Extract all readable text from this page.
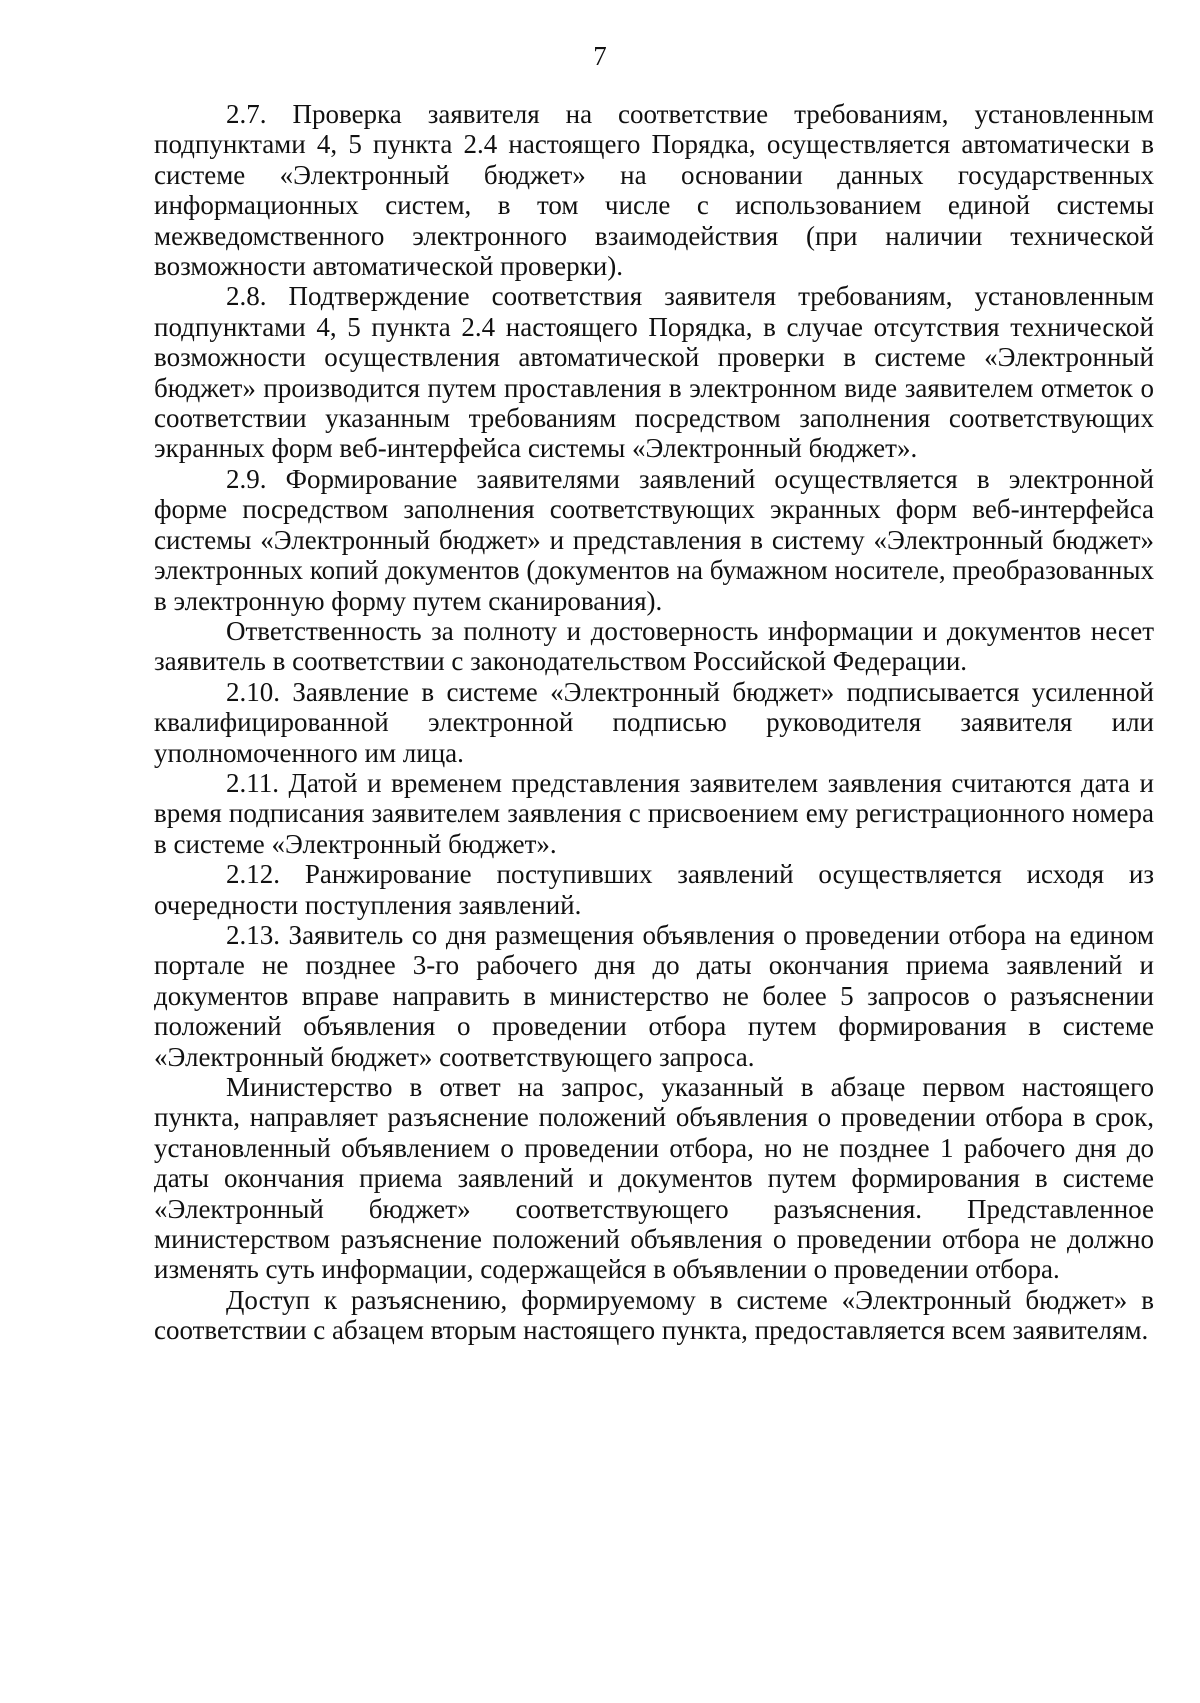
7

2.7. Проверка заявителя на соответствие требованиям, установленным подпунктами 4, 5 пункта 2.4 настоящего Порядка, осуществляется автоматически в системе «Электронный бюджет» на основании данных государственных информационных систем, в том числе с использованием единой системы межведомственного электронного взаимодействия (при наличии технической возможности автоматической проверки).

2.8. Подтверждение соответствия заявителя требованиям, установленным подпунктами 4, 5 пункта 2.4 настоящего Порядка, в случае отсутствия технической возможности осуществления автоматической проверки в системе «Электронный бюджет» производится путем проставления в электронном виде заявителем отметок о соответствии указанным требованиям посредством заполнения соответствующих экранных форм веб-интерфейса системы «Электронный бюджет».

2.9. Формирование заявителями заявлений осуществляется в электронной форме посредством заполнения соответствующих экранных форм веб-интерфейса системы «Электронный бюджет» и представления в систему «Электронный бюджет» электронных копий документов (документов на бумажном носителе, преобразованных в электронную форму путем сканирования).

Ответственность за полноту и достоверность информации и документов несет заявитель в соответствии с законодательством Российской Федерации.

2.10. Заявление в системе «Электронный бюджет» подписывается усиленной квалифицированной электронной подписью руководителя заявителя или уполномоченного им лица.

2.11. Датой и временем представления заявителем заявления считаются дата и время подписания заявителем заявления с присвоением ему регистрационного номера в системе «Электронный бюджет».

2.12. Ранжирование поступивших заявлений осуществляется исходя из очередности поступления заявлений.

2.13. Заявитель со дня размещения объявления о проведении отбора на едином портале не позднее 3-го рабочего дня до даты окончания приема заявлений и документов вправе направить в министерство не более 5 запросов о разъяснении положений объявления о проведении отбора путем формирования в системе «Электронный бюджет» соответствующего запроса.

Министерство в ответ на запрос, указанный в абзаце первом настоящего пункта, направляет разъяснение положений объявления о проведении отбора в срок, установленный объявлением о проведении отбора, но не позднее 1 рабочего дня до даты окончания приема заявлений и документов путем формирования в системе «Электронный бюджет» соответствующего разъяснения. Представленное министерством разъяснение положений объявления о проведении отбора не должно изменять суть информации, содержащейся в объявлении о проведении отбора.

Доступ к разъяснению, формируемому в системе «Электронный бюджет» в соответствии с абзацем вторым настоящего пункта, предоставляется всем заявителям.
